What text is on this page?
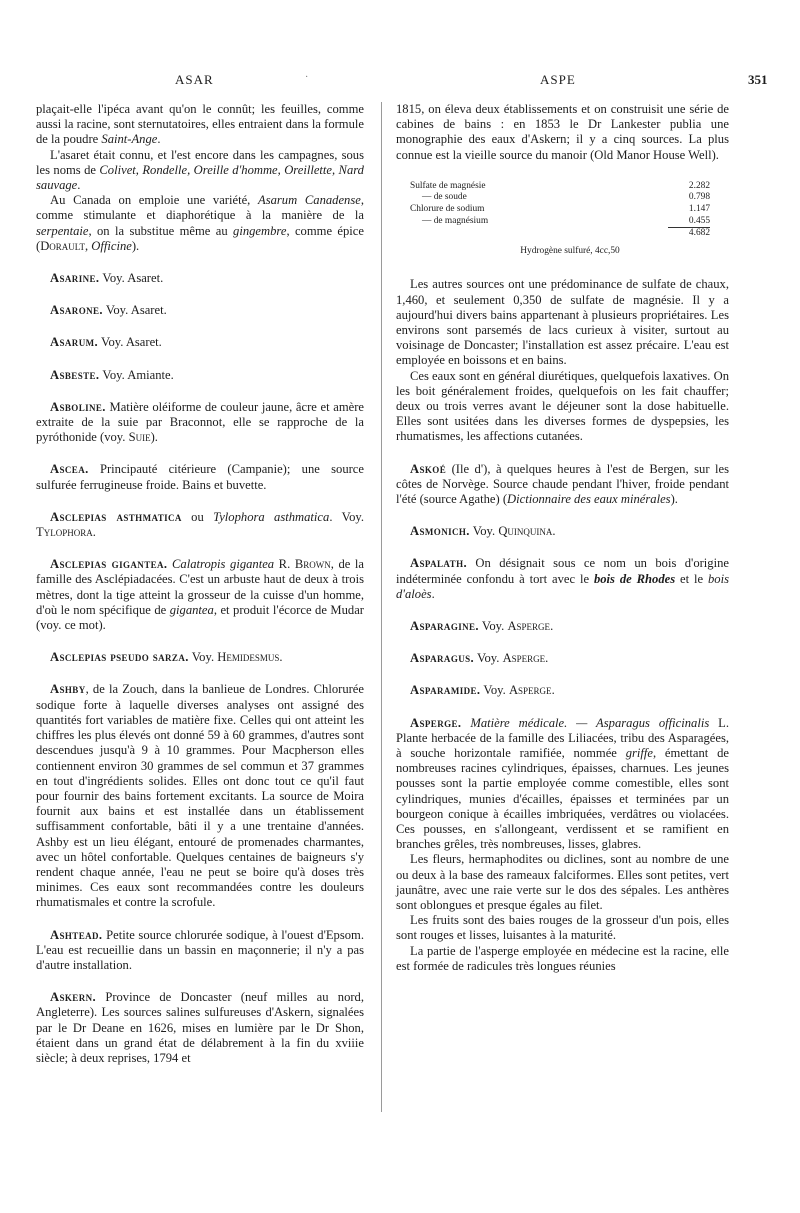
ASAR	·	ASPE	351

plaçait-elle l'ipéca avant qu'on le connût; les feuilles, comme aussi la racine, sont sternutatoires, elles entraient dans la formule de la poudre Saint-Ange.

L'asaret était connu, et l'est encore dans les campagnes, sous les noms de Colivet, Rondelle, Oreille d'homme, Oreillette, Nard sauvage.

Au Canada on emploie une variété, Asarum Canadense, comme stimulante et diaphorétique à la manière de la serpentaie, on la substitue même au gingembre, comme épice (Dorault, Officine).

Asarine. Voy. Asaret.

Asarone. Voy. Asaret.

Asarum. Voy. Asaret.

Asbeste. Voy. Amiante.

Asboline. Matière oléiforme de couleur jaune, âcre et amère extraite de la suie par Braconnot, elle se rapproche de la pyróthonide (voy. Suie).

Ascea. Principauté citérieure (Campanie); une source sulfurée ferrugineuse froide. Bains et buvette.

Asclepias asthmatica ou Tylophora asthmatica. Voy. Tylophora.

Asclepias gigantea. Calatropis gigantea R. Brown, de la famille des Asclépiadacées. C'est un arbuste haut de deux à trois mètres, dont la tige atteint la grosseur de la cuisse d'un homme, d'où le nom spécifique de gigantea, et produit l'écorce de Mudar (voy. ce mot).

Asclepias pseudo sarza. Voy. Hemidesmus.

Ashby, de la Zouch, dans la banlieue de Londres. Chlorurée sodique forte à laquelle diverses analyses ont assigné des quantités fort variables de matière fixe. Celles qui ont atteint les chiffres les plus élevés ont donné 59 à 60 grammes, d'autres sont descendues jusqu'à 9 à 10 grammes. Pour Macpherson elles contiennent environ 30 grammes de sel commun et 37 grammes en tout d'ingrédients solides. Elles ont donc tout ce qu'il faut pour fournir des bains fortement excitants. La source de Moira fournit aux bains et est installée dans un établissement suffisamment confortable, bâti il y a une trentaine d'années. Ashby est un lieu élégant, entouré de promenades charmantes, avec un hôtel confortable. Quelques centaines de baigneurs s'y rendent chaque année, l'eau ne peut se boire qu'à doses très minimes. Ces eaux sont recommandées contre les douleurs rhumatismales et contre la scrofule.

Ashtead. Petite source chlorurée sodique, à l'ouest d'Epsom. L'eau est recueillie dans un bassin en maçonnerie; il n'y a pas d'autre installation.

Askern. Province de Doncaster (neuf milles au nord, Angleterre). Les sources salines sulfureuses d'Askern, signalées par le Dr Deane en 1626, mises en lumière par le Dr Shon, étaient dans un grand état de délabrement à la fin du xviiie siècle; à deux reprises, 1794 et

1815, on éleva deux établissements et on construisit une série de cabines de bains : en 1853 le Dr Lankester publia une monographie des eaux d'Askern; il y a cinq sources. La plus connue est la vieille source du manoir (Old Manor House Well).

Sulfate de magnésie	2.282
— de soude	0.798
Chlorure de sodium	1.147
— de magnésium	0.455
4.682
Hydrogène sulfuré, 4cc,50

Les autres sources ont une prédominance de sulfate de chaux, 1,460, et seulement 0,350 de sulfate de magnésie. Il y a aujourd'hui divers bains appartenant à plusieurs propriétaires. Les environs sont parsemés de lacs curieux à visiter, surtout au voisinage de Doncaster; l'installation est assez précaire. L'eau est employée en boissons et en bains.

Ces eaux sont en général diurétiques, quelquefois laxatives. On les boit généralement froides, quelquefois on les fait chauffer; deux ou trois verres avant le déjeuner sont la dose habituelle. Elles sont usitées dans les diverses formes de dyspepsies, les rhumatismes, les affections cutanées.

Askoé (Ile d'), à quelques heures à l'est de Bergen, sur les côtes de Norvège. Source chaude pendant l'hiver, froide pendant l'été (source Agathe) (Dictionnaire des eaux minérales).

Asmonich. Voy. Quinquina.

Aspalath. On désignait sous ce nom un bois d'origine indéterminée confondu à tort avec le bois de Rhodes et le bois d'aloès.

Asparagine. Voy. Asperge.

Asparagus. Voy. Asperge.

Asparamide. Voy. Asperge.

Asperge. Matière médicale. — Asparagus officinalis L. Plante herbacée de la famille des Liliacées, tribu des Asparagées, à souche horizontale ramifiée, nommée griffe, émettant de nombreuses racines cylindriques, épaisses, charnues. Les jeunes pousses sont la partie employée comme comestible, elles sont cylindriques, munies d'écailles, épaisses et terminées par un bourgeon conique à écailles imbriquées, verdâtres ou violacées. Ces pousses, en s'allongeant, verdissent et se ramifient en branches grêles, très nombreuses, lisses, glabres.

Les fleurs, hermaphodites ou diclines, sont au nombre de une ou deux à la base des rameaux falciformes. Elles sont petites, vert jaunâtre, avec une raie verte sur le dos des sépales. Les anthères sont oblongues et presque égales au filet.

Les fruits sont des baies rouges de la grosseur d'un pois, elles sont rouges et lisses, luisantes à la maturité.

La partie de l'asperge employée en médecine est la racine, elle est formée de radicules très longues réunies
